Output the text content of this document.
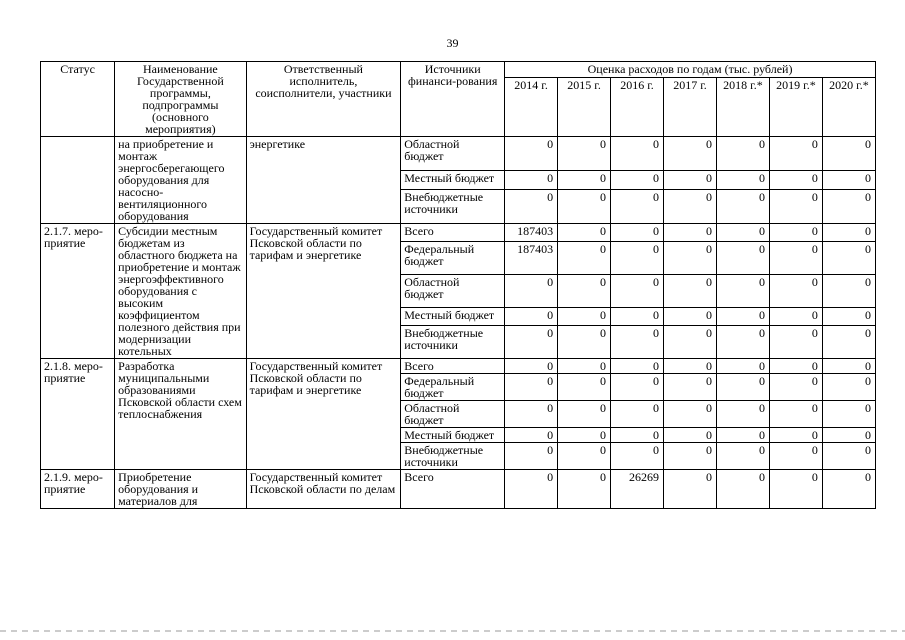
39
Статус	Наименование Государственной программы, подпрограммы (основного мероприятия)	Ответственный исполнитель, соисполнители, участники	Источники финанси-рования	Оценка расходов по годам (тыс. рублей)						
				2014 г.	2015 г.	2016 г.	2017 г.	2018 г.*	2019 г.*	2020 г.*
	на приобретение и монтаж энергосберегающего оборудования для насосно-вентиляционного оборудования	энергетике	Областной бюджет	0	0	0	0	0	0	0
			Местный бюджет	0	0	0	0	0	0	0
			Внебюджетные источники	0	0	0	0	0	0	0
2.1.7. меро-приятие	Субсидии местным бюджетам из областного бюджета на приобретение и монтаж энергоэффективного оборудования с высоким коэффициентом полезного действия при модернизации котельных	Государственный комитет Псковской области по тарифам и энергетике	Всего	187403	0	0	0	0	0	0
			Федеральный бюджет	187403	0	0	0	0	0	0
			Областной бюджет	0	0	0	0	0	0	0
			Местный бюджет	0	0	0	0	0	0	0
			Внебюджетные источники	0	0	0	0	0	0	0
2.1.8. меро-приятие	Разработка муниципальными образованиями Псковской области схем теплоснабжения	Государственный комитет Псковской области по тарифам и энергетике	Всего	0	0	0	0	0	0	0
			Федеральный бюджет	0	0	0	0	0	0	0
			Областной бюджет	0	0	0	0	0	0	0
			Местный бюджет	0	0	0	0	0	0	0
			Внебюджетные источники	0	0	0	0	0	0	0
2.1.9. меро-приятие	Приобретение оборудования и материалов для	Государственный комитет Псковской области по делам	Всего	0	0	26269	0	0	0	0
